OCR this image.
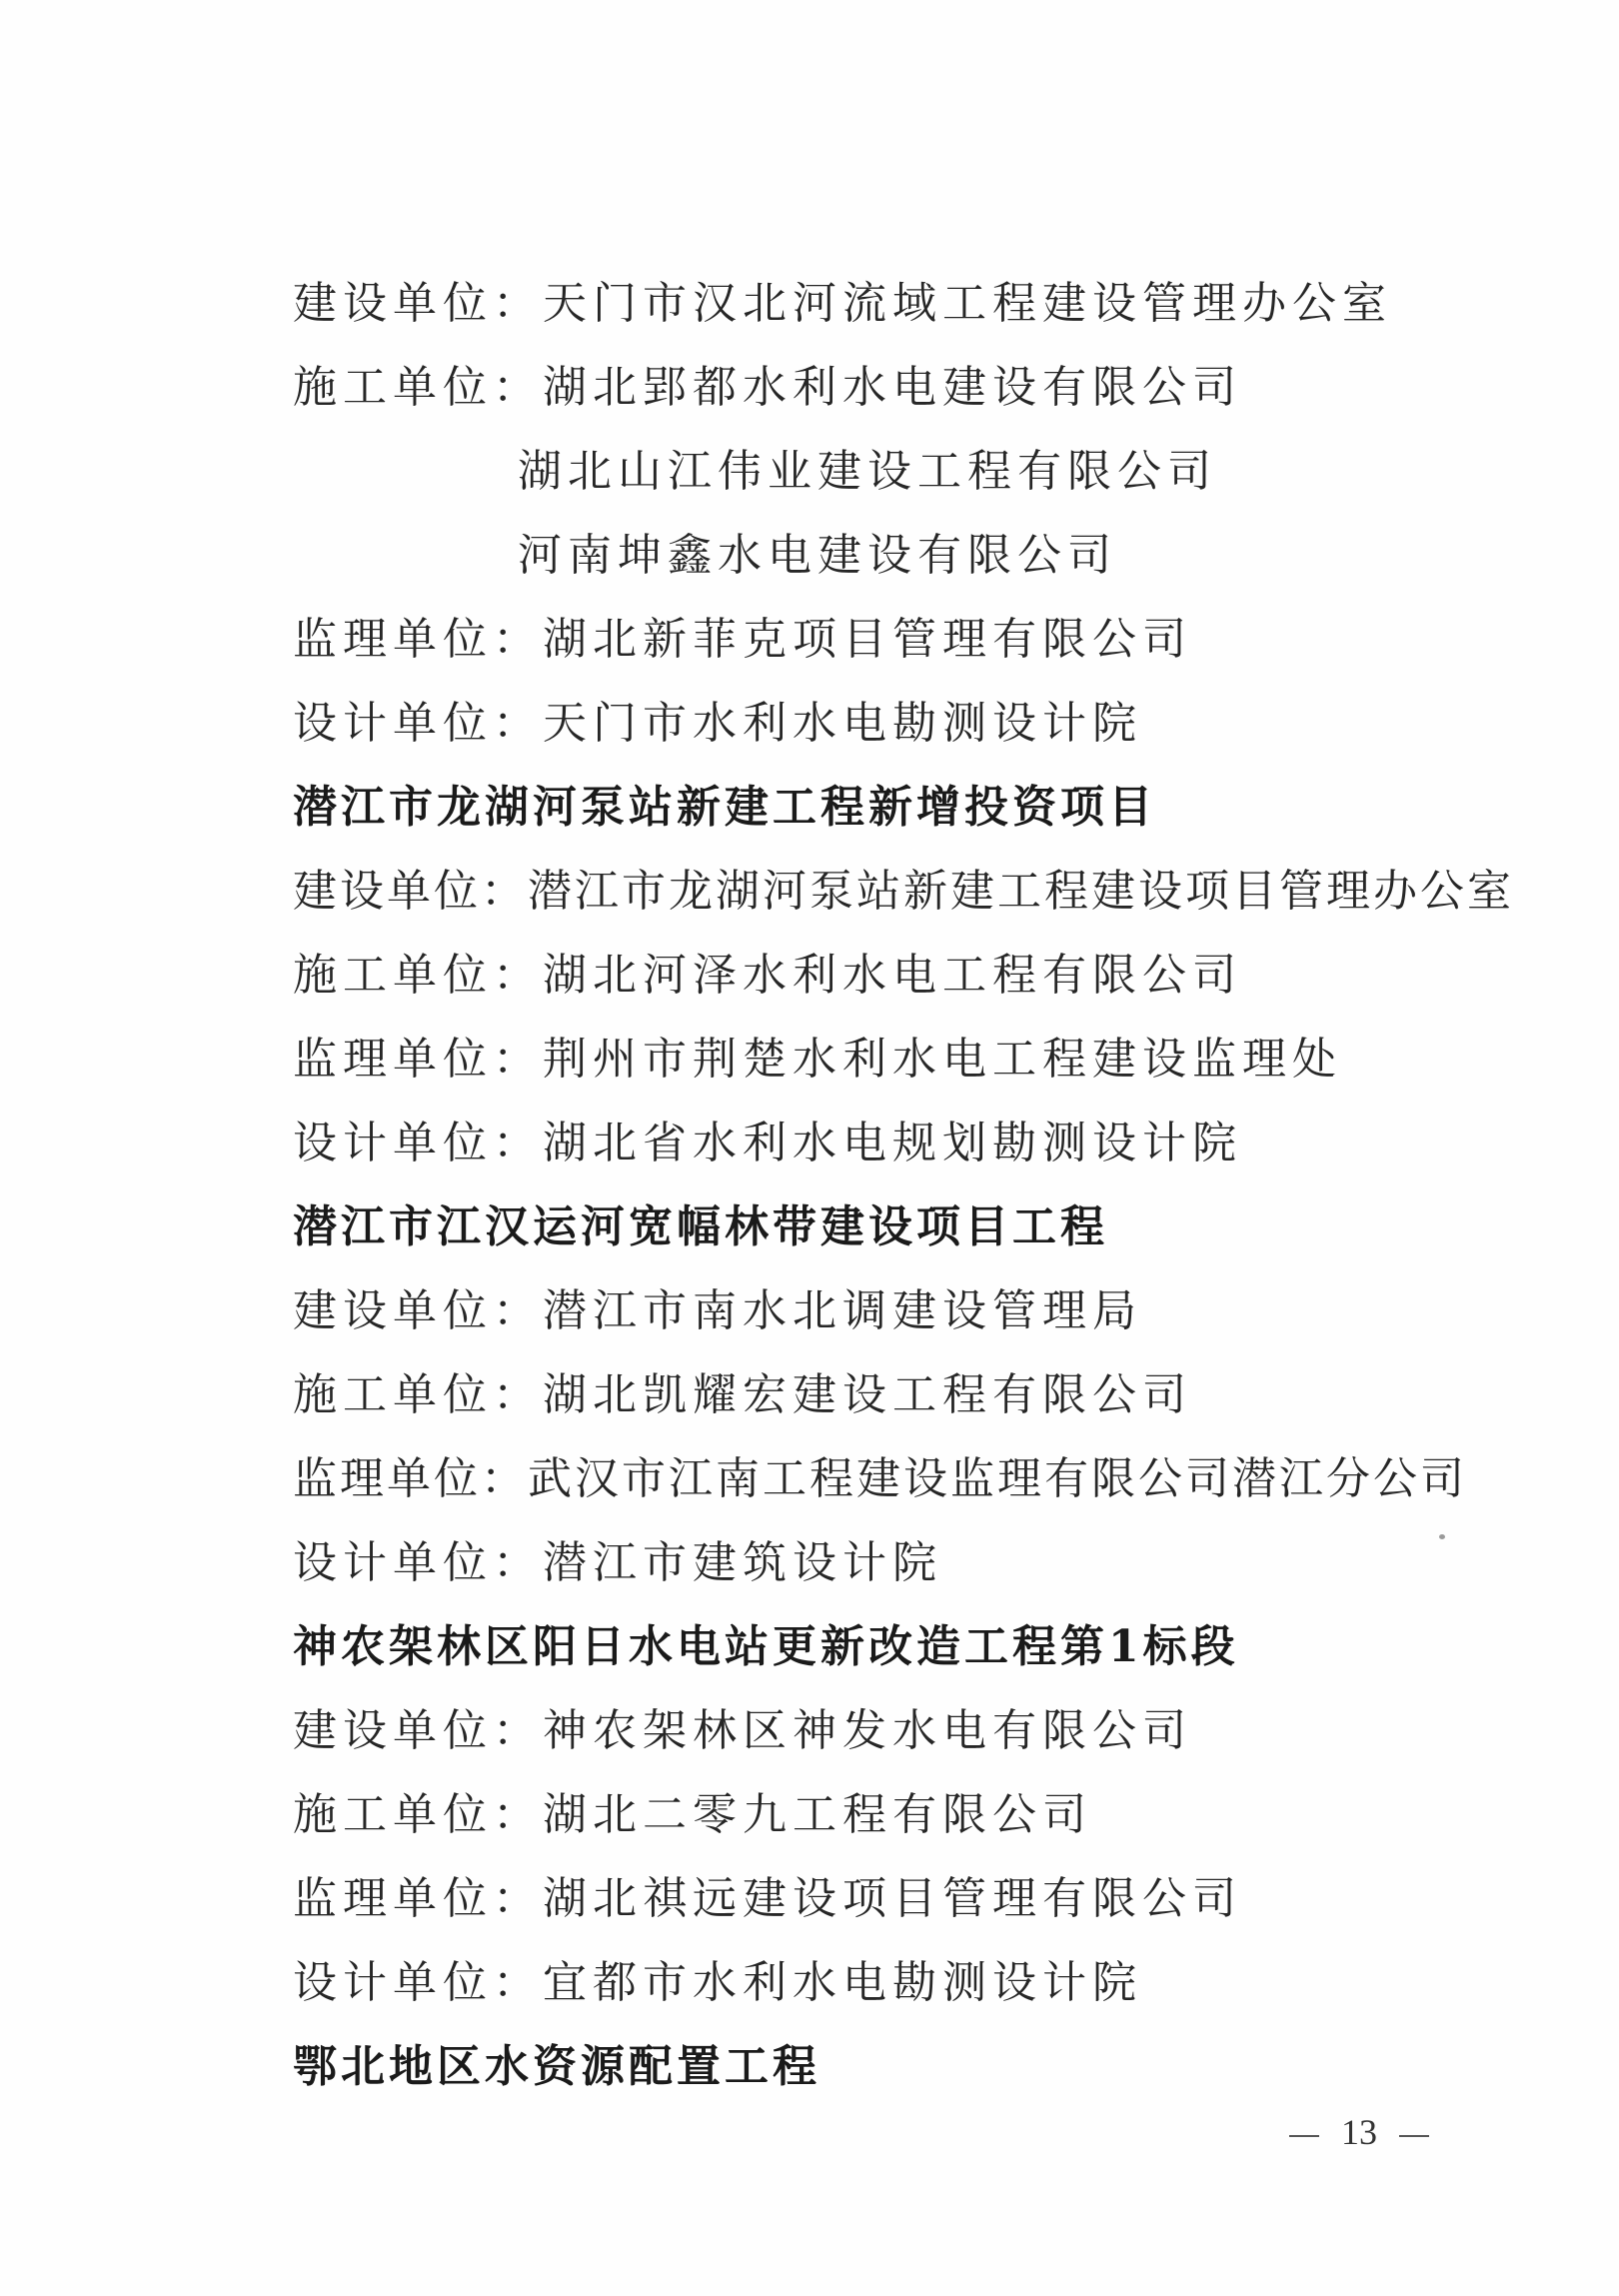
建设单位：天门市汉北河流域工程建设管理办公室
施工单位：湖北郢都水利水电建设有限公司
湖北山江伟业建设工程有限公司
河南坤鑫水电建设有限公司
监理单位：湖北新菲克项目管理有限公司
设计单位：天门市水利水电勘测设计院
潜江市龙湖河泵站新建工程新增投资项目
建设单位：潜江市龙湖河泵站新建工程建设项目管理办公室
施工单位：湖北河泽水利水电工程有限公司
监理单位：荆州市荆楚水利水电工程建设监理处
设计单位：湖北省水利水电规划勘测设计院
潜江市江汉运河宽幅林带建设项目工程
建设单位：潜江市南水北调建设管理局
施工单位：湖北凯耀宏建设工程有限公司
监理单位：武汉市江南工程建设监理有限公司潜江分公司
设计单位：潜江市建筑设计院
神农架林区阳日水电站更新改造工程第1标段
建设单位：神农架林区神发水电有限公司
施工单位：湖北二零九工程有限公司
监理单位：湖北祺远建设项目管理有限公司
设计单位：宜都市水利水电勘测设计院
鄂北地区水资源配置工程
13
